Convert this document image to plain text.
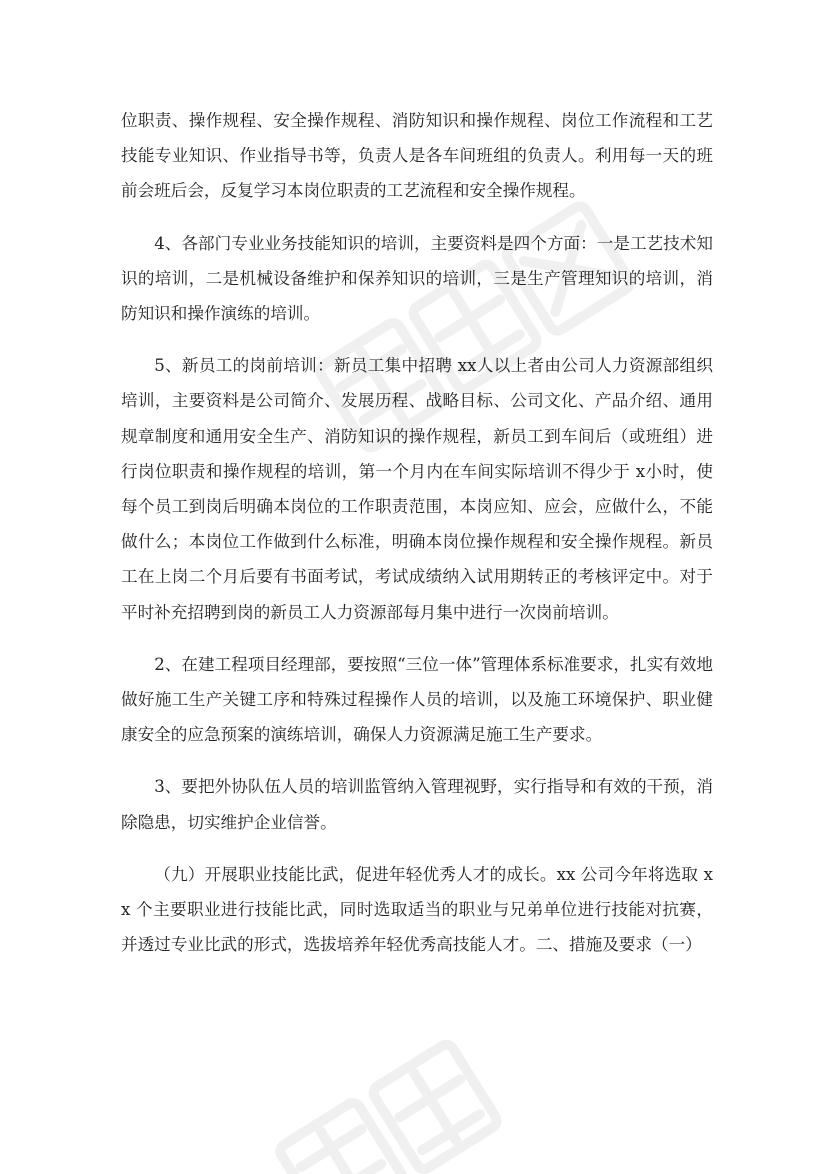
位职责、操作规程、安全操作规程、消防知识和操作规程、岗位工作流程和工艺技能专业知识、作业指导书等，负责人是各车间班组的负责人。利用每一天的班前会班后会，反复学习本岗位职责的工艺流程和安全操作规程。

4、各部门专业业务技能知识的培训，主要资料是四个方面：一是工艺技术知识的培训，二是机械设备维护和保养知识的培训，三是生产管理知识的培训，消防知识和操作演练的培训。

5、新员工的岗前培训：新员工集中招聘 xx人以上者由公司人力资源部组织培训，主要资料是公司简介、发展历程、战略目标、公司文化、产品介绍、通用规章制度和通用安全生产、消防知识的操作规程，新员工到车间后（或班组）进行岗位职责和操作规程的培训，第一个月内在车间实际培训不得少于 x小时，使每个员工到岗后明确本岗位的工作职责范围，本岗应知、应会，应做什么，不能做什么；本岗位工作做到什么标准，明确本岗位操作规程和安全操作规程。新员工在上岗二个月后要有书面考试，考试成绩纳入试用期转正的考核评定中。对于平时补充招聘到岗的新员工人力资源部每月集中进行一次岗前培训。

2、在建工程项目经理部，要按照“三位一体”管理体系标准要求，扎实有效地做好施工生产关键工序和特殊过程操作人员的培训，以及施工环境保护、职业健康安全的应急预案的演练培训，确保人力资源满足施工生产要求。

3、要把外协队伍人员的培训监管纳入管理视野，实行指导和有效的干预，消除隐患，切实维护企业信誉。

（九）开展职业技能比武，促进年轻优秀人才的成长。xx 公司今年将选取 xx 个主要职业进行技能比武，同时选取适当的职业与兄弟单位进行技能对抗赛，并透过专业比武的形式，选拔培养年轻优秀高技能人才。二、措施及要求（一）
